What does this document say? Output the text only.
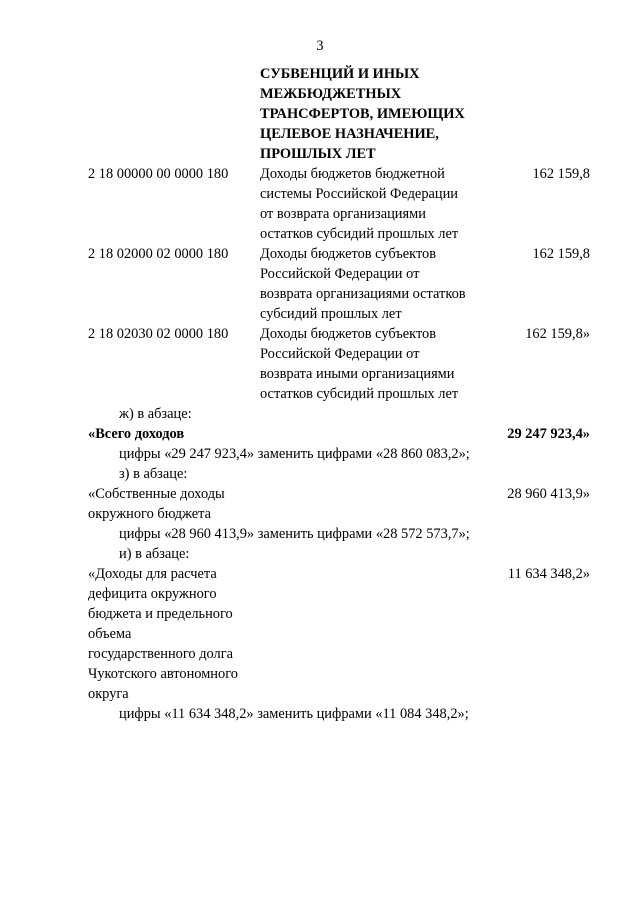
3
СУБВЕНЦИЙ И ИНЫХ
МЕЖБЮДЖЕТНЫХ
ТРАНСФЕРТОВ, ИМЕЮЩИХ
ЦЕЛЕВОЕ НАЗНАЧЕНИЕ,
ПРОШЛЫХ ЛЕТ
2 18 00000 00 0000 180 Доходы бюджетов бюджетной
системы Российской Федерации
от возврата организациями
остатков субсидий прошлых лет
162 159,8
2 18 02000 02 0000 180 Доходы бюджетов субъектов
Российской Федерации от
возврата организациями остатков
субсидий прошлых лет
162 159,8
2 18 02030 02 0000 180 Доходы бюджетов субъектов
Российской Федерации от
возврата иными организациями
остатков субсидий прошлых лет
162 159,8»
ж) в абзаце:
«Всего доходов	29 247 923,4»
цифры «29 247 923,4» заменить цифрами «28 860 083,2»;
з) в абзаце:
«Собственные доходы
окружного бюджета
28 960 413,9»
цифры «28 960 413,9» заменить цифрами «28 572 573,7»;
и) в абзаце:
«Доходы для расчета
дефицита окружного
бюджета и предельного
объема
государственного долга
Чукотского автономного
округа
11 634 348,2»
цифры «11 634 348,2» заменить цифрами «11 084 348,2»;
